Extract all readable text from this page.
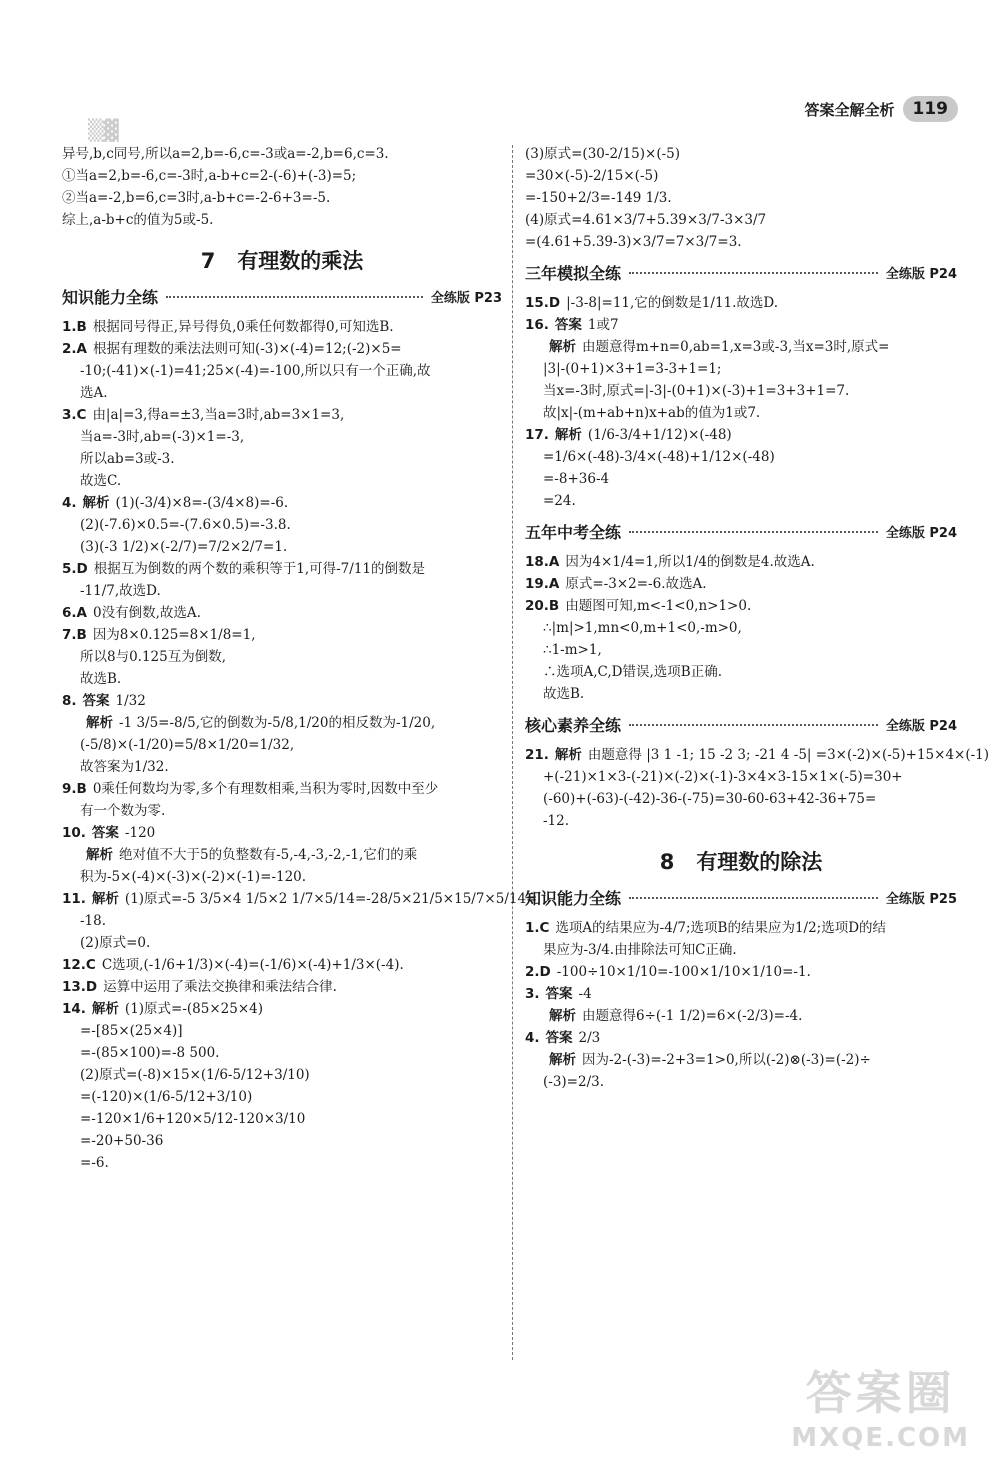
▒▓
答案全解全析	119
异号,b,c同号,所以a=2,b=-6,c=-3或a=-2,b=6,c=3.
①当a=2,b=-6,c=-3时,a-b+c=2-(-6)+(-3)=5;
②当a=-2,b=6,c=3时,a-b+c=-2-6+3=-5.
综上,a-b+c的值为5或-5.
7 有理数的乘法
知识能力全练	全练版 P23
1.B 根据同号得正,异号得负,0乘任何数都得0,可知选B.
2.A 根据有理数的乘法法则可知(-3)×(-4)=12;(-2)×5=
-10;(-41)×(-1)=41;25×(-4)=-100,所以只有一个正确,故
选A.
3.C 由|a|=3,得a=±3,当a=3时,ab=3×1=3,
当a=-3时,ab=(-3)×1=-3,
所以ab=3或-3.
故选C.
4. 解析 (1)(-3/4)×8=-(3/4×8)=-6.
(2)(-7.6)×0.5=-(7.6×0.5)=-3.8.
(3)(-3 1/2)×(-2/7)=7/2×2/7=1.
5.D 根据互为倒数的两个数的乘积等于1,可得-7/11的倒数是
-11/7,故选D.
6.A 0没有倒数,故选A.
7.B 因为8×0.125=8×1/8=1,
所以8与0.125互为倒数,
故选B.
8. 答案 1/32
解析 -1 3/5=-8/5,它的倒数为-5/8,1/20的相反数为-1/20,
(-5/8)×(-1/20)=5/8×1/20=1/32,
故答案为1/32.
9.B 0乘任何数均为零,多个有理数相乘,当积为零时,因数中至少
有一个数为零.
10. 答案 -120
解析 绝对值不大于5的负整数有-5,-4,-3,-2,-1,它们的乘
积为-5×(-4)×(-3)×(-2)×(-1)=-120.
11. 解析 (1)原式=-5 3/5×4 1/5×2 1/7×5/14=-28/5×21/5×15/7×5/14=
-18.
(2)原式=0.
12.C C选项,(-1/6+1/3)×(-4)=(-1/6)×(-4)+1/3×(-4).
13.D 运算中运用了乘法交换律和乘法结合律.
14. 解析 (1)原式=-(85×25×4)
=-[85×(25×4)]
=-(85×100)=-8 500.
(2)原式=(-8)×15×(1/6-5/12+3/10)
=(-120)×(1/6-5/12+3/10)
=-120×1/6+120×5/12-120×3/10
=-20+50-36
=-6.
(3)原式=(30-2/15)×(-5)
=30×(-5)-2/15×(-5)
=-150+2/3=-149 1/3.
(4)原式=4.61×3/7+5.39×3/7-3×3/7
=(4.61+5.39-3)×3/7=7×3/7=3.
三年模拟全练	全练版 P24
15.D |-3-8|=11,它的倒数是1/11.故选D.
16. 答案 1或7
解析 由题意得m+n=0,ab=1,x=3或-3,当x=3时,原式=
|3|-(0+1)×3+1=3-3+1=1;
当x=-3时,原式=|-3|-(0+1)×(-3)+1=3+3+1=7.
故|x|-(m+ab+n)x+ab的值为1或7.
17. 解析 (1/6-3/4+1/12)×(-48)
=1/6×(-48)-3/4×(-48)+1/12×(-48)
=-8+36-4
=24.
五年中考全练	全练版 P24
18.A 因为4×1/4=1,所以1/4的倒数是4.故选A.
19.A 原式=-3×2=-6.故选A.
20.B 由题图可知,m<-1<0,n>1>0.
∴|m|>1,mn<0,m+1<0,-m>0,
∴1-m>1,
∴选项A,C,D错误,选项B正确.
故选B.
核心素养全练	全练版 P24
21. 解析 由题意得 |3 1 -1; 15 -2 3; -21 4 -5| =3×(-2)×(-5)+15×4×(-1)
+(-21)×1×3-(-21)×(-2)×(-1)-3×4×3-15×1×(-5)=30+
(-60)+(-63)-(-42)-36-(-75)=30-60-63+42-36+75=
-12.
8 有理数的除法
知识能力全练	全练版 P25
1.C 选项A的结果应为-4/7;选项B的结果应为1/2;选项D的结
果应为-3/4.由排除法可知C正确.
2.D -100÷10×1/10=-100×1/10×1/10=-1.
3. 答案 -4
解析 由题意得6÷(-1 1/2)=6×(-2/3)=-4.
4. 答案 2/3
解析 因为-2-(-3)=-2+3=1>0,所以(-2)⊗(-3)=(-2)÷
(-3)=2/3.
答案圈
MXQE.COM
